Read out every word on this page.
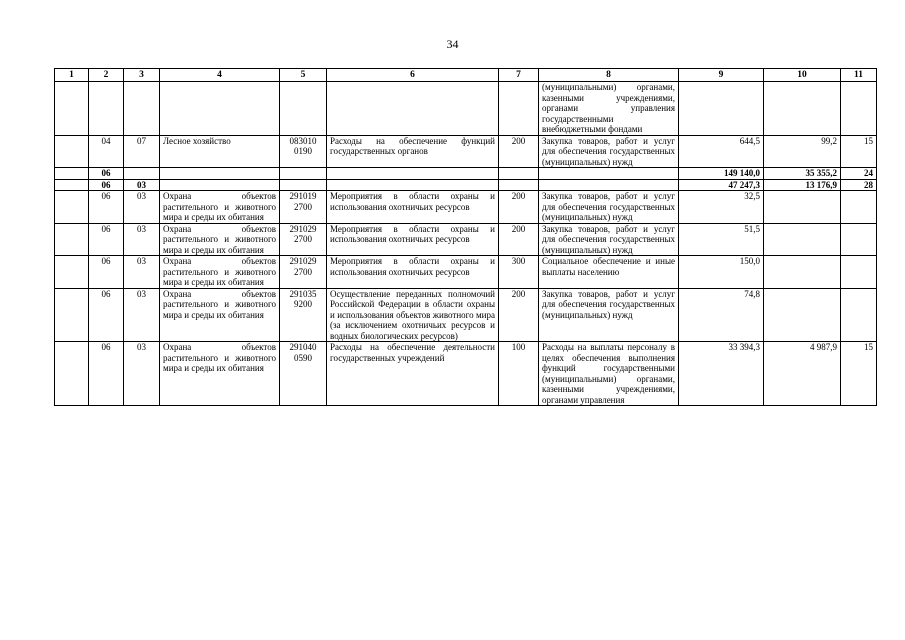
34
1	2	3	4	5	6	7	8	9	10	11
							(муниципальными) органами, казенными учреждениями, органами управления государственными внебюджетными фондами			
	04	07	Лесное хозяйство	083010 0190	Расходы на обеспечение функций государственных органов	200	Закупка товаров, работ и услуг для обеспечения государственных (муниципальных) нужд	644,5	99,2	15
	06							149 140,0	35 355,2	24
	06	03						47 247,3	13 176,9	28
	06	03	Охрана объектов растительного и животного мира и среды их обитания	291019 2700	Мероприятия в области охраны и использования охотничьих ресурсов	200	Закупка товаров, работ и услуг для обеспечения государственных (муниципальных) нужд	32,5		
	06	03	Охрана объектов растительного и животного мира и среды их обитания	291029 2700	Мероприятия в области охраны и использования охотничьих ресурсов	200	Закупка товаров, работ и услуг для обеспечения государственных (муниципальных) нужд	51,5		
	06	03	Охрана объектов растительного и животного мира и среды их обитания	291029 2700	Мероприятия в области охраны и использования охотничьих ресурсов	300	Социальное обеспечение и иные выплаты населению	150,0		
	06	03	Охрана объектов растительного и животного мира и среды их обитания	291035 9200	Осуществление переданных полномочий Российской Федерации в области охраны и использования объектов животного мира (за исключением охотничьих ресурсов и водных биологических ресурсов)	200	Закупка товаров, работ и услуг для обеспечения государственных (муниципальных) нужд	74,8		
	06	03	Охрана объектов растительного и животного мира и среды их обитания	291040 0590	Расходы на обеспечение деятельности государственных учреждений	100	Расходы на выплаты персоналу в целях обеспечения выполнения функций государственными (муниципальными) органами, казенными учреждениями, органами управления	33 394,3	4 987,9	15
